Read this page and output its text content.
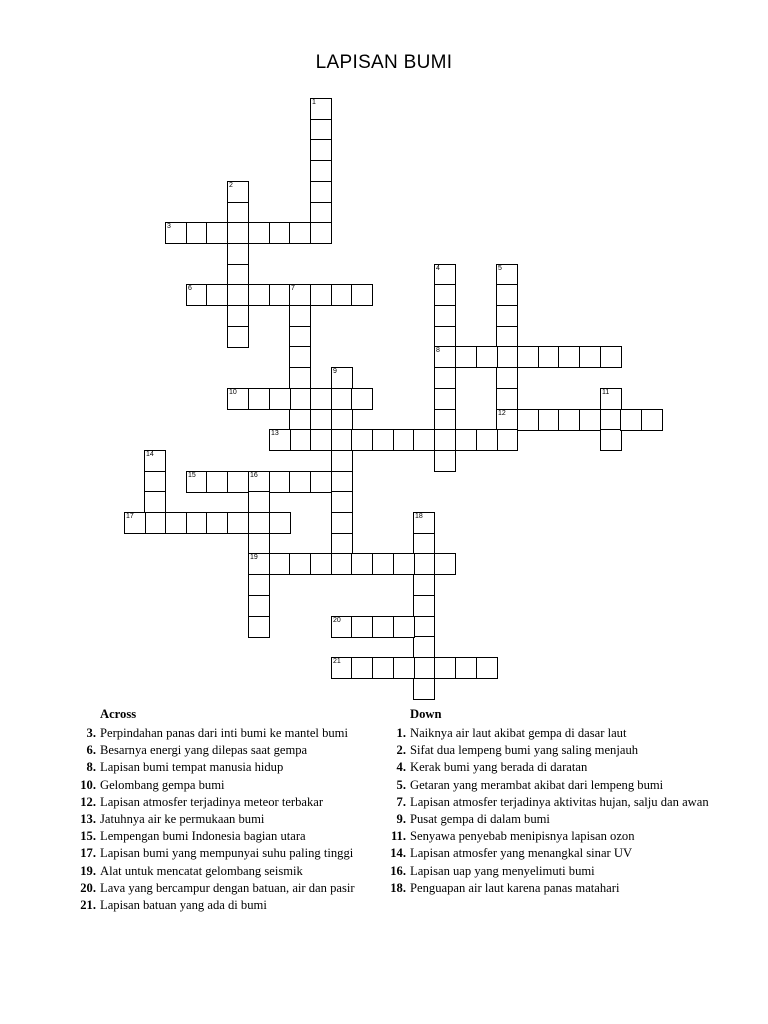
LAPISAN BUMI
1
2
3
4
8
5
12
6	7
9
10	11
13
14
15	16
19
17	18
20
21
Across
3. Perpindahan panas dari inti bumi ke mantel bumi
6. Besarnya energi yang dilepas saat gempa
8. Lapisan bumi tempat manusia hidup
10. Gelombang gempa bumi
12. Lapisan atmosfer terjadinya meteor terbakar
13. Jatuhnya air ke permukaan bumi
15. Lempengan bumi Indonesia bagian utara
17. Lapisan bumi yang mempunyai suhu paling tinggi
19. Alat untuk mencatat gelombang seismik
20. Lava yang bercampur dengan batuan, air dan pasir
21. Lapisan batuan yang ada di bumi
Down
1. Naiknya air laut akibat gempa di dasar laut
2. Sifat dua lempeng bumi yang saling menjauh
4. Kerak bumi yang berada di daratan
5. Getaran yang merambat akibat dari lempeng bumi
7. Lapisan atmosfer terjadinya aktivitas hujan, salju dan awan
9. Pusat gempa di dalam bumi
11. Senyawa penyebab menipisnya lapisan ozon
14. Lapisan atmosfer yang menangkal sinar UV
16. Lapisan uap yang menyelimuti bumi
18. Penguapan air laut karena panas matahari
